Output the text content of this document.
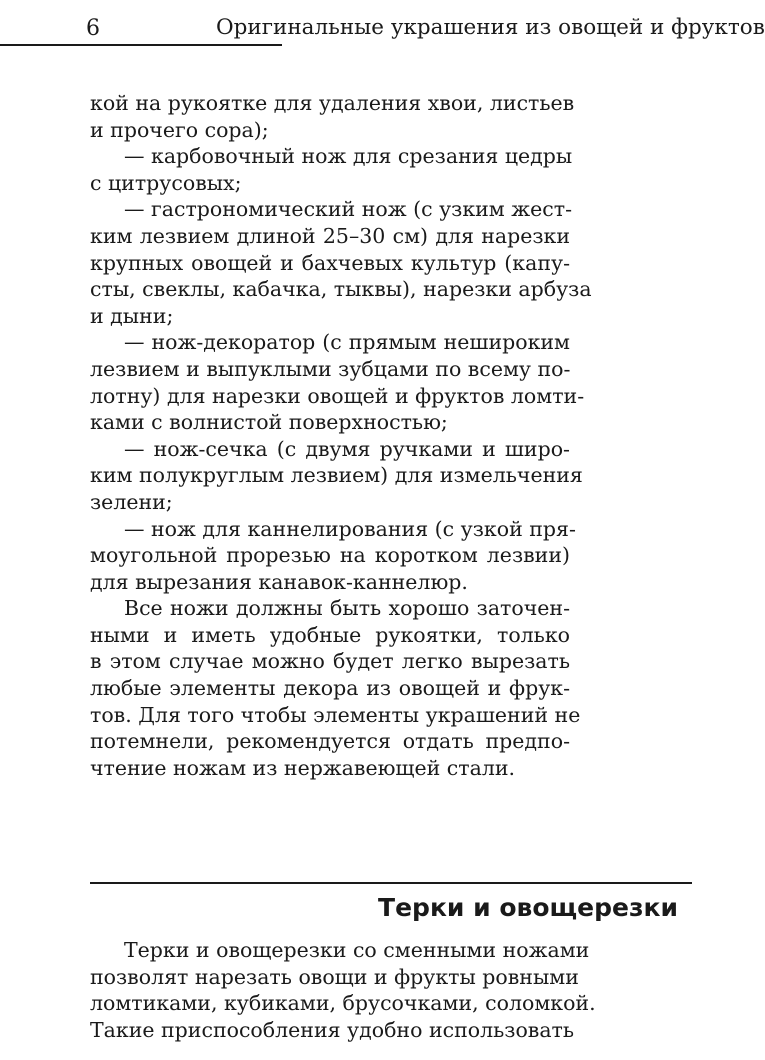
6	Оригинальные украшения из овощей и фруктов
кой на рукоятке для удаления хвои, листьев
и прочего сора);
— карбовочный нож для срезания цедры
с цитрусовых;
— гастрономический нож (с узким жест-
ким лезвием длиной 25–30 см) для нарезки
крупных овощей и бахчевых культур (капу-
сты, свеклы, кабачка, тыквы), нарезки арбуза
и дыни;
— нож-декоратор (с прямым нешироким
лезвием и выпуклыми зубцами по всему по-
лотну) для нарезки овощей и фруктов ломти-
ками с волнистой поверхностью;
— нож-сечка (с двумя ручками и широ-
ким полукруглым лезвием) для измельчения
зелени;
— нож для каннелирования (с узкой пря-
моугольной прорезью на коротком лезвии)
для вырезания канавок-каннелюр.
Все ножи должны быть хорошо заточен-
ными и иметь удобные рукоятки, только
в этом случае можно будет легко вырезать
любые элементы декора из овощей и фрук-
тов. Для того чтобы элементы украшений не
потемнели, рекомендуется отдать предпо-
чтение ножам из нержавеющей стали.
Терки и овощерезки
Терки и овощерезки со сменными ножами
позволят нарезать овощи и фрукты ровными
ломтиками, кубиками, брусочками, соломкой.
Такие приспособления удобно использовать
